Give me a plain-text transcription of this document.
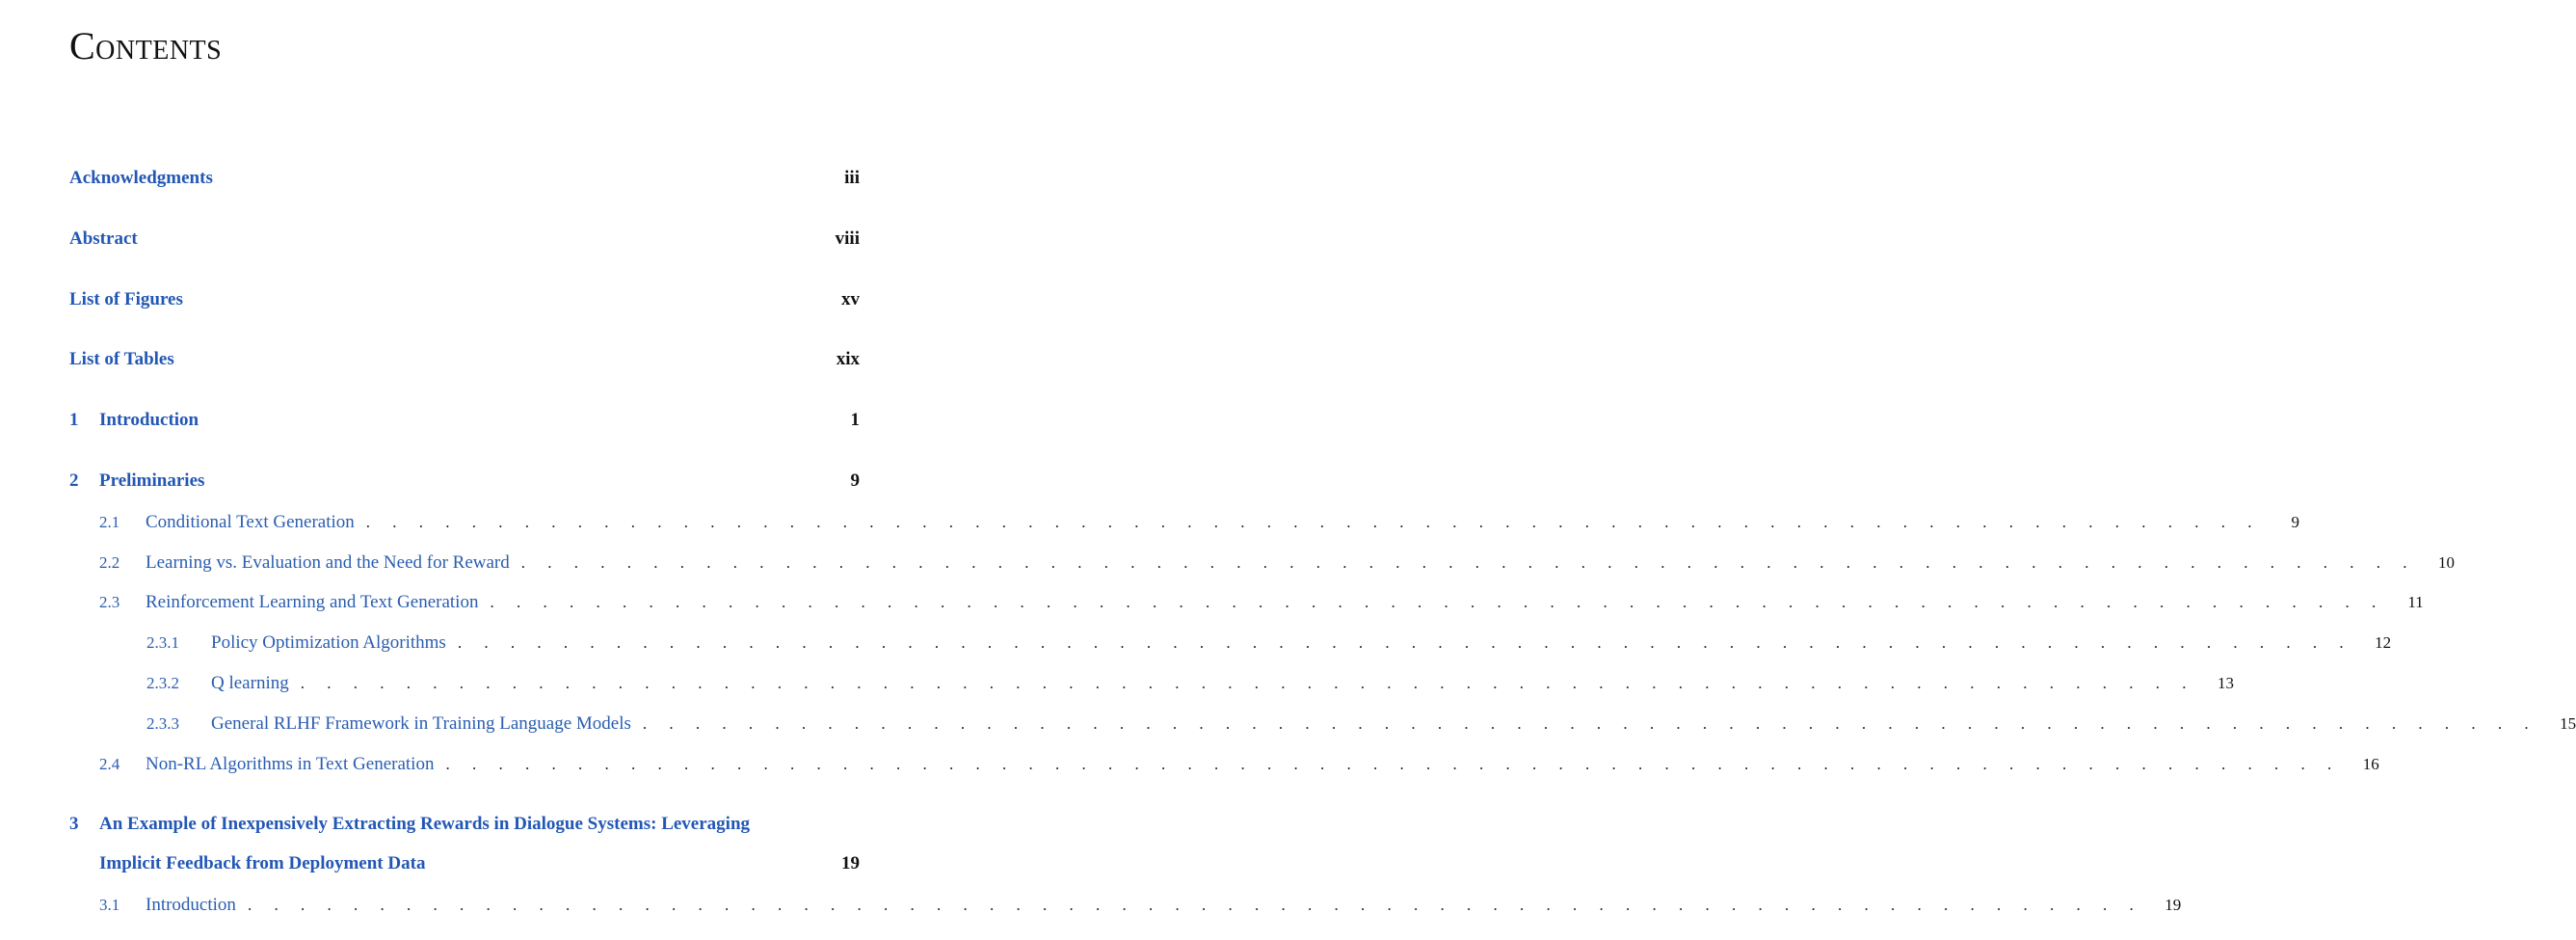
Contents
Acknowledgments	iii
Abstract	viii
List of Figures	xv
List of Tables	xix
1	Introduction	1
2	Preliminaries	9
2.1	Conditional Text Generation . . . . . . . . . . . . . . . . . . . . . . . . . . . . . . . . . . . . . . . . . . . . . . . . . . . . . . . . . . . . . . . . . . . . . . . .	9
2.2	Learning vs. Evaluation and the Need for Reward . . . . . . . . . . . . . . . . . . . . . . . . . . . . . . . . . . . . . . . . . . . . . . . . . . . . . . . . . . . . . . . . . . . . . . . .	10
2.3	Reinforcement Learning and Text Generation . . . . . . . . . . . . . . . . . . . . . . . . . . . . . . . . . . . . . . . . . . . . . . . . . . . . . . . . . . . . . . . . . . . . . . . .	11
2.3.1	Policy Optimization Algorithms . . . . . . . . . . . . . . . . . . . . . . . . . . . . . . . . . . . . . . . . . . . . . . . . . . . . . . . . . . . . . . . . . . . . . . . .	12
2.3.2	Q learning . . . . . . . . . . . . . . . . . . . . . . . . . . . . . . . . . . . . . . . . . . . . . . . . . . . . . . . . . . . . . . . . . . . . . . . .	13
2.3.3	General RLHF Framework in Training Language Models . . . . . . . . . . . . . . . . . . . . . . . . . . . . . . . . . . . . . . . . . . . . . . . . . . . . . . . . . . . . . . . . . . . . . . . .	15
2.4	Non-RL Algorithms in Text Generation . . . . . . . . . . . . . . . . . . . . . . . . . . . . . . . . . . . . . . . . . . . . . . . . . . . . . . . . . . . . . . . . . . . . . . . .	16
3	An Example of Inexpensively Extracting Rewards in Dialogue Systems: Leveraging
Implicit Feedback from Deployment Data	19
3.1	Introduction . . . . . . . . . . . . . . . . . . . . . . . . . . . . . . . . . . . . . . . . . . . . . . . . . . . . . . . . . . . . . . . . . . . . . . . .	19
